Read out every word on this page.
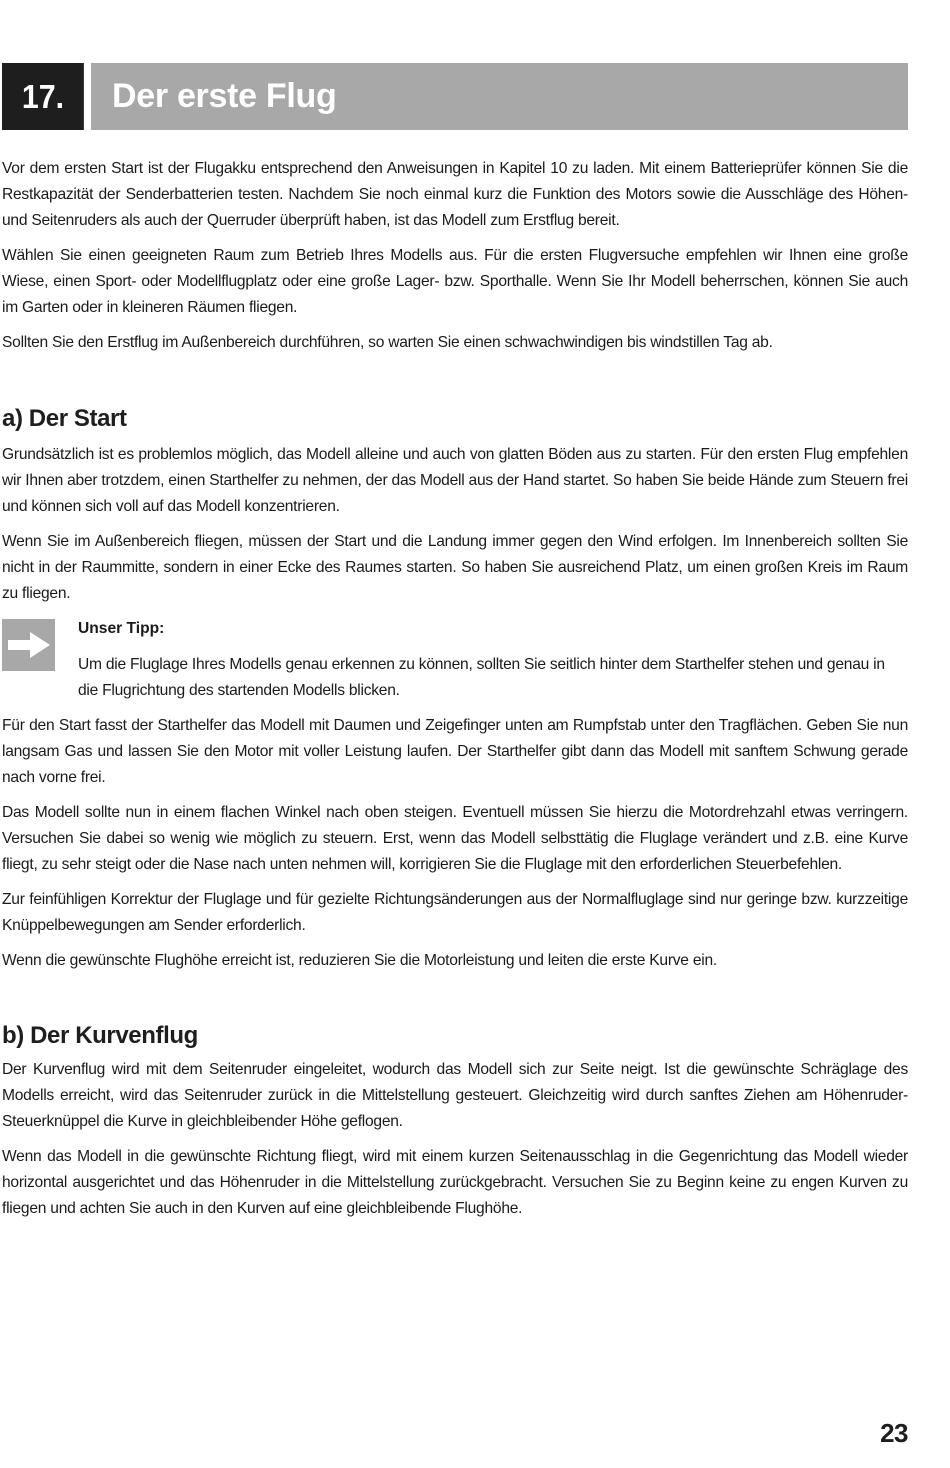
17.	Der erste Flug

Vor dem ersten Start ist der Flugakku entsprechend den Anweisungen in Kapitel 10 zu laden. Mit einem Batterieprüfer können Sie die Restkapazität der Senderbatterien testen. Nachdem Sie noch einmal kurz die Funktion des Motors sowie die Ausschläge des Höhen- und Seitenruders als auch der Querruder überprüft haben, ist das Modell zum Erstflug bereit.

Wählen Sie einen geeigneten Raum zum Betrieb Ihres Modells aus. Für die ersten Flugversuche empfehlen wir Ihnen eine große Wiese, einen Sport- oder Modellflugplatz oder eine große Lager- bzw. Sporthalle. Wenn Sie Ihr Modell beherrschen, können Sie auch im Garten oder in kleineren Räumen fliegen.

Sollten Sie den Erstflug im Außenbereich durchführen, so warten Sie einen schwachwindigen bis windstillen Tag ab.

a) Der Start

Grundsätzlich ist es problemlos möglich, das Modell alleine und auch von glatten Böden aus zu starten. Für den ersten Flug empfehlen wir Ihnen aber trotzdem, einen Starthelfer zu nehmen, der das Modell aus der Hand startet. So haben Sie beide Hände zum Steuern frei und können sich voll auf das Modell konzentrieren.

Wenn Sie im Außenbereich fliegen, müssen der Start und die Landung immer gegen den Wind erfolgen. Im Innenbereich sollten Sie nicht in der Raummitte, sondern in einer Ecke des Raumes starten. So haben Sie ausreichend Platz, um einen großen Kreis im Raum zu fliegen.

Unser Tipp:

Um die Fluglage Ihres Modells genau erkennen zu können, sollten Sie seitlich hinter dem Starthelfer stehen und genau in die Flugrichtung des startenden Modells blicken.

Für den Start fasst der Starthelfer das Modell mit Daumen und Zeigefinger unten am Rumpfstab unter den Tragflächen. Geben Sie nun langsam Gas und lassen Sie den Motor mit voller Leistung laufen. Der Starthelfer gibt dann das Modell mit sanftem Schwung gerade nach vorne frei.

Das Modell sollte nun in einem flachen Winkel nach oben steigen. Eventuell müssen Sie hierzu die Motordrehzahl etwas verringern. Versuchen Sie dabei so wenig wie möglich zu steuern. Erst, wenn das Modell selbsttätig die Fluglage verändert und z.B. eine Kurve fliegt, zu sehr steigt oder die Nase nach unten nehmen will, korrigieren Sie die Fluglage mit den erforderlichen Steuerbefehlen.

Zur feinfühligen Korrektur der Fluglage und für gezielte Richtungsänderungen aus der Normalfluglage sind nur geringe bzw. kurzzeitige Knüppelbewegungen am Sender erforderlich.

Wenn die gewünschte Flughöhe erreicht ist, reduzieren Sie die Motorleistung und leiten die erste Kurve ein.

b) Der Kurvenflug

Der Kurvenflug wird mit dem Seitenruder eingeleitet, wodurch das Modell sich zur Seite neigt. Ist die gewünschte Schräglage des Modells erreicht, wird das Seitenruder zurück in die Mittelstellung gesteuert. Gleichzeitig wird durch sanftes Ziehen am Höhenruder-Steuerknüppel die Kurve in gleichbleibender Höhe geflogen.

Wenn das Modell in die gewünschte Richtung fliegt, wird mit einem kurzen Seitenausschlag in die Gegenrichtung das Modell wieder horizontal ausgerichtet und das Höhenruder in die Mittelstellung zurückgebracht. Versuchen Sie zu Beginn keine zu engen Kurven zu fliegen und achten Sie auch in den Kurven auf eine gleichbleibende Flughöhe.

23
